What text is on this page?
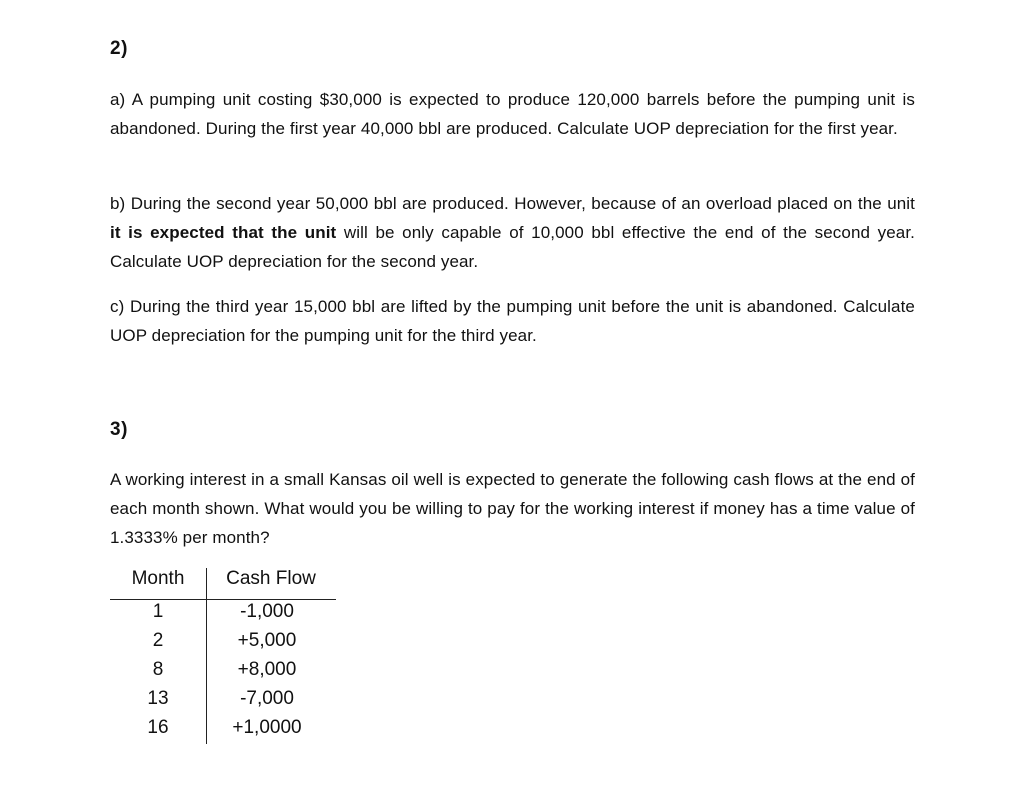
2)
a) A pumping unit costing $30,000 is expected to produce 120,000 barrels before the pumping unit is abandoned. During the first year 40,000 bbl are produced. Calculate UOP depreciation for the first year.
b) During the second year 50,000 bbl are produced. However, because of an overload placed on the unit it is expected that the unit will be only capable of 10,000 bbl effective the end of the second year. Calculate UOP depreciation for the second year.
c) During the third year 15,000 bbl are lifted by the pumping unit before the unit is abandoned. Calculate UOP depreciation for the pumping unit for the third year.
3)
A working interest in a small Kansas oil well is expected to generate the following cash flows at the end of each month shown. What would you be willing to pay for the working interest if money has a time value of 1.3333% per month?
Month	Cash Flow
1	-1,000
2	+5,000
8	+8,000
13	-7,000
16	+1,0000
